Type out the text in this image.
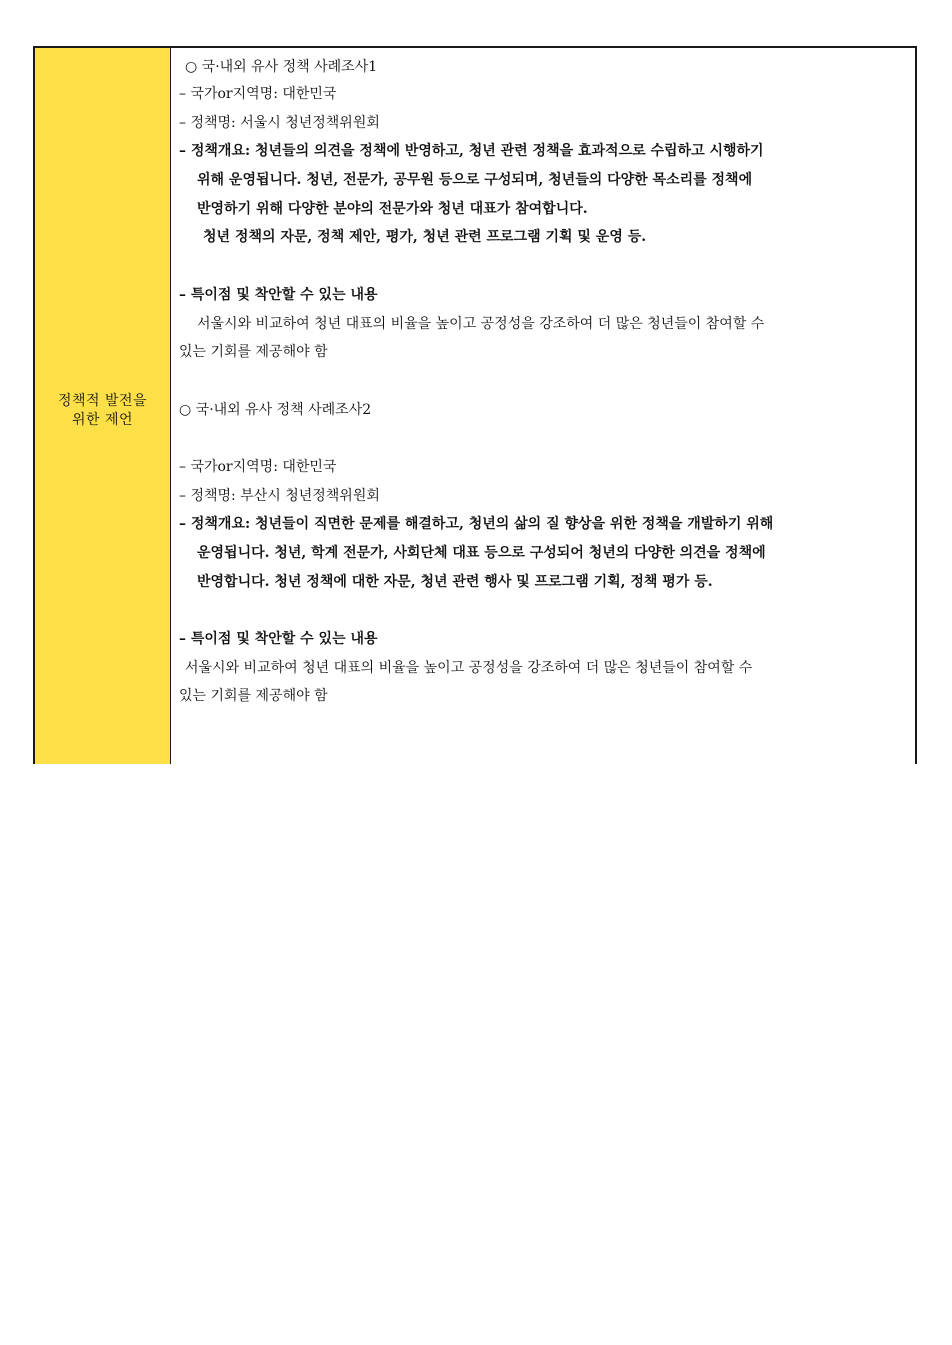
정책적 발전을
위한 제언
○ 국·내외 유사 정책 사례조사1
– 국가or지역명: 대한민국
– 정책명: 서울시 청년정책위원회
– 정책개요: 청년들의 의견을 정책에 반영하고, 청년 관련 정책을 효과적으로 수립하고 시행하기
위해 운영됩니다. 청년, 전문가, 공무원 등으로 구성되며, 청년들의 다양한 목소리를 정책에
반영하기 위해 다양한 분야의 전문가와 청년 대표가 참여합니다.
청년 정책의 자문, 정책 제안, 평가, 청년 관련 프로그램 기획 및 운영 등.
– 특이점 및 착안할 수 있는 내용
서울시와 비교하여 청년 대표의 비율을 높이고 공정성을 강조하여 더 많은 청년들이 참여할 수
있는 기회를 제공해야 함
○ 국·내외 유사 정책 사례조사2
– 국가or지역명: 대한민국
– 정책명: 부산시 청년정책위원회
– 정책개요: 청년들이 직면한 문제를 해결하고, 청년의 삶의 질 향상을 위한 정책을 개발하기 위해
운영됩니다. 청년, 학계 전문가, 사회단체 대표 등으로 구성되어 청년의 다양한 의견을 정책에
반영합니다. 청년 정책에 대한 자문, 청년 관련 행사 및 프로그램 기획, 정책 평가 등.
– 특이점 및 착안할 수 있는 내용
서울시와 비교하여 청년 대표의 비율을 높이고 공정성을 강조하여 더 많은 청년들이 참여할 수
있는 기회를 제공해야 함
